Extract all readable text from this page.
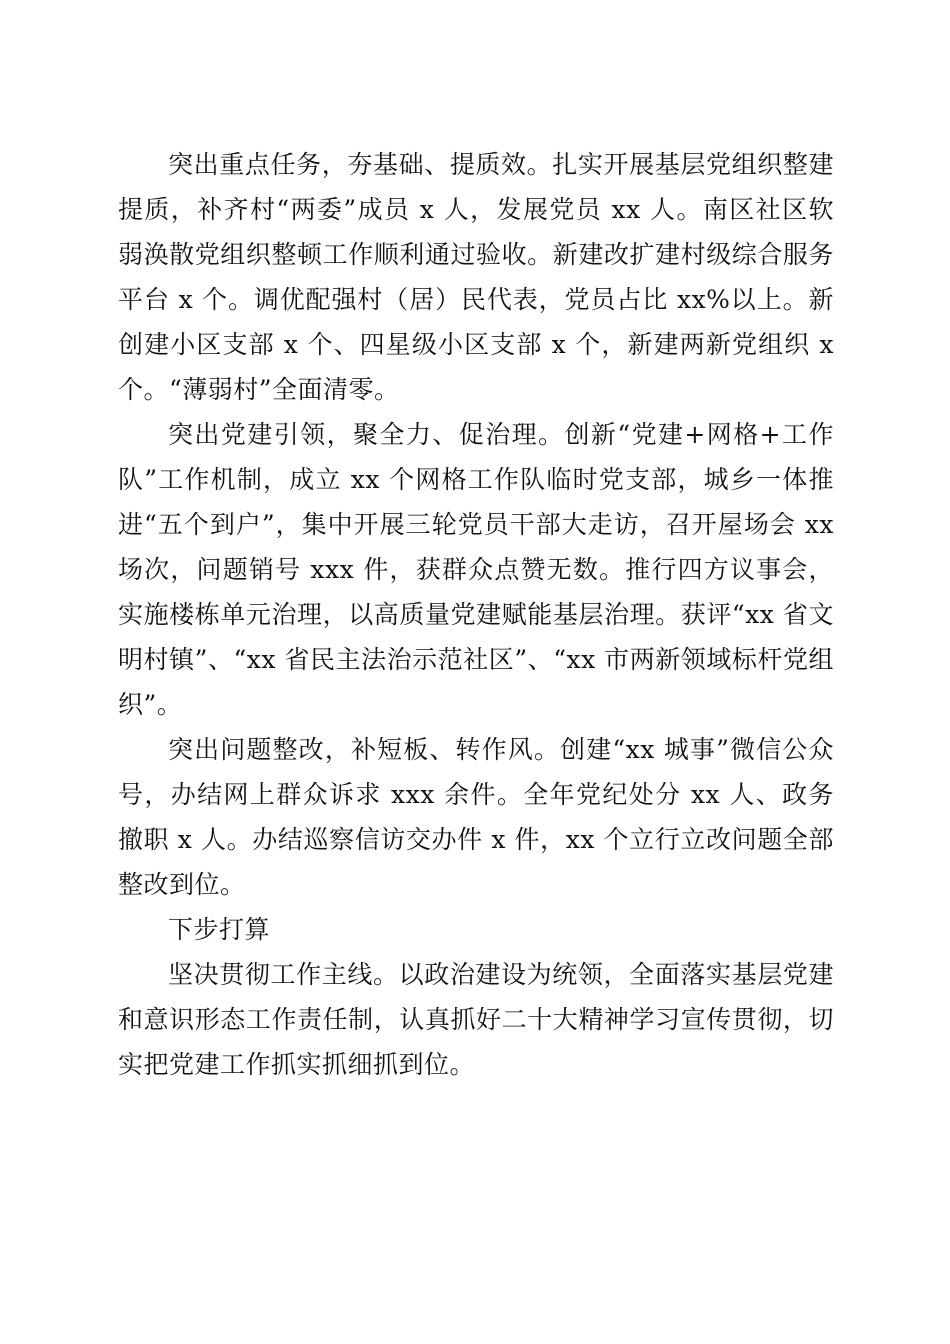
突出重点任务，夯基础、提质效。扎实开展基层党组织整建提质，补齐村“两委”成员 x 人，发展党员 xx 人。南区社区软弱涣散党组织整顿工作顺利通过验收。新建改扩建村级综合服务平台 x 个。调优配强村（居）民代表，党员占比 xx%以上。新创建小区支部 x 个、四星级小区支部 x 个，新建两新党组织 x 个。“薄弱村”全面清零。

突出党建引领，聚全力、促治理。创新“党建+网格+工作队”工作机制，成立 xx 个网格工作队临时党支部，城乡一体推进“五个到户”，集中开展三轮党员干部大走访，召开屋场会 xx 场次，问题销号 xxx 件，获群众点赞无数。推行四方议事会，实施楼栋单元治理，以高质量党建赋能基层治理。获评“xx 省文明村镇”、“xx 省民主法治示范社区”、“xx 市两新领域标杆党组织”。

突出问题整改，补短板、转作风。创建“xx 城事”微信公众号，办结网上群众诉求 xxx 余件。全年党纪处分 xx 人、政务撤职 x 人。办结巡察信访交办件 x 件，xx 个立行立改问题全部整改到位。

下步打算

坚决贯彻工作主线。以政治建设为统领，全面落实基层党建和意识形态工作责任制，认真抓好二十大精神学习宣传贯彻，切实把党建工作抓实抓细抓到位。
